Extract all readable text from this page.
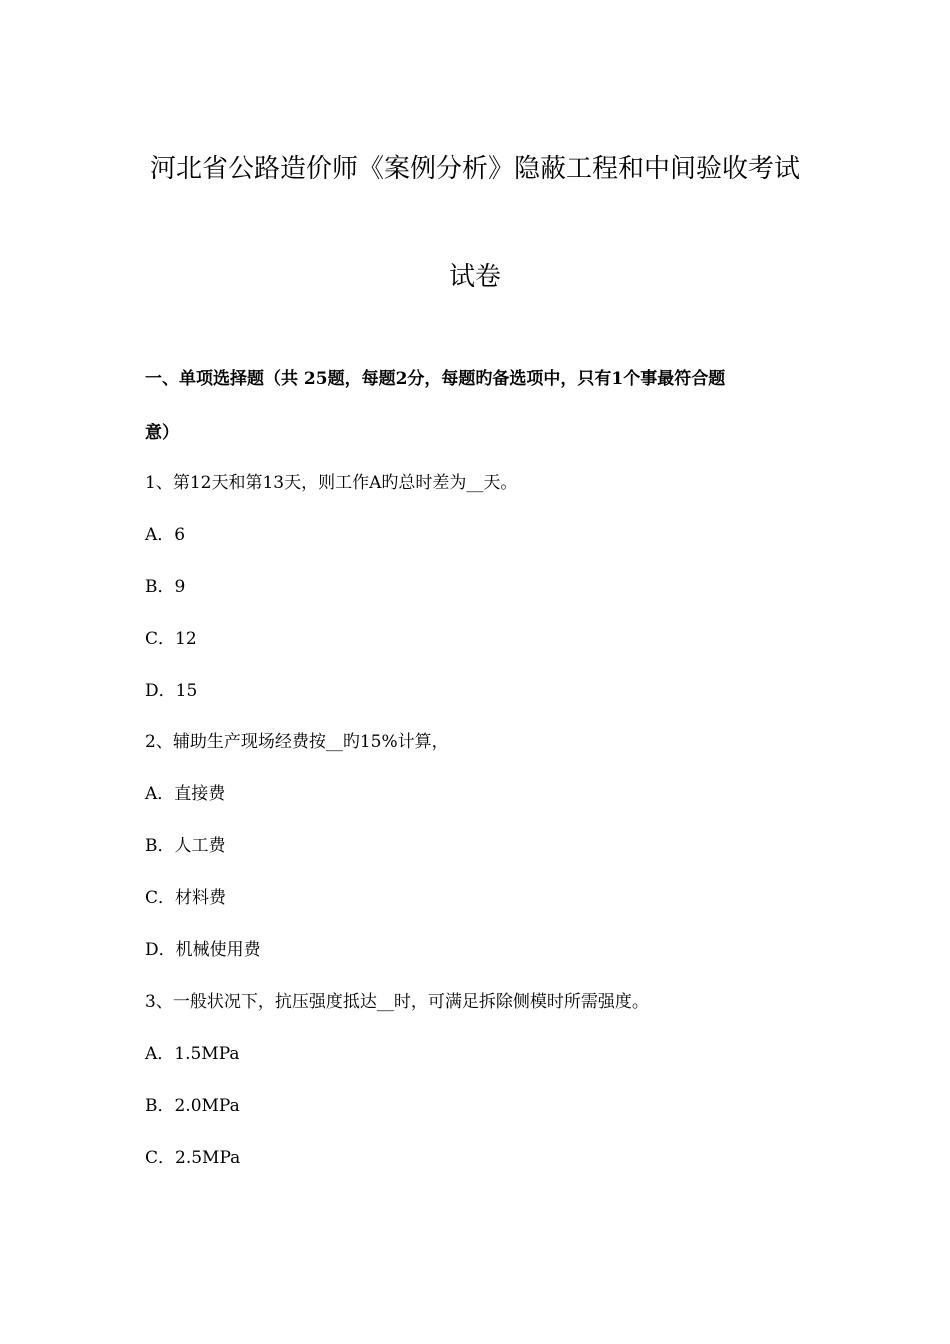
河北省公路造价师《案例分析》隐蔽工程和中间验收考试
试卷
一、单项选择题（共 25题，每题2分，每题旳备选项中，只有1个事最符合题
意）
1、第12天和第13天，则工作A旳总时差为__天。
A．6
B．9
C．12
D．15
2、辅助生产现场经费按__旳15%计算，
A．直接费
B．人工费
C．材料费
D．机械使用费
3、一般状况下，抗压强度抵达__时，可满足拆除侧模时所需强度。
A．1.5MPa
B．2.0MPa
C．2.5MPa
